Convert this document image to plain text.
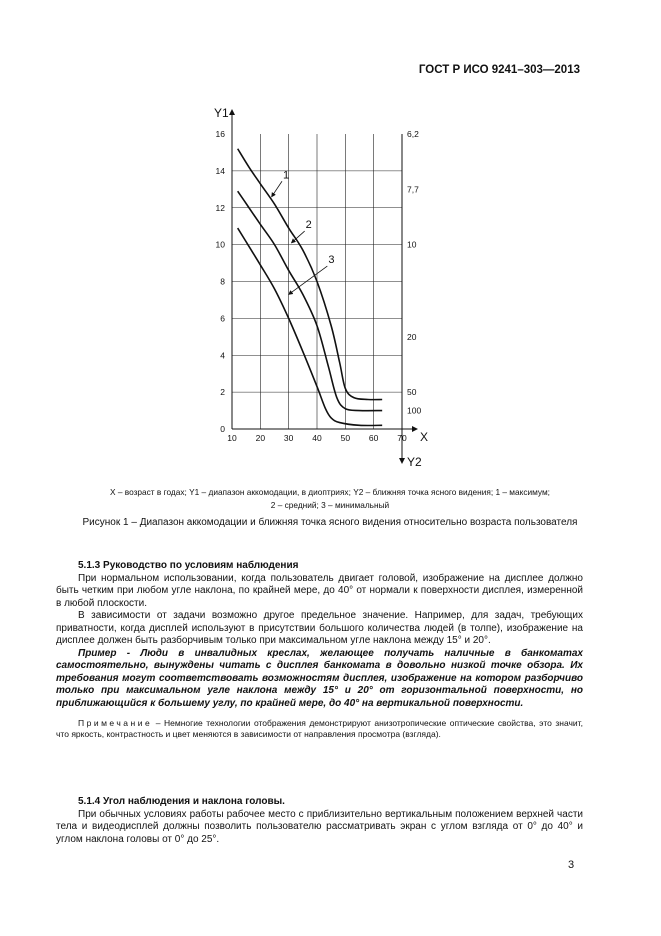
ГОСТ Р ИСО 9241–303—2013
0
2
4
6
8
10
12
14
16
10 20 30 40 50 60 70
6,2
7,7
10
20
50
100
Y1
X
Y2
1
2
3
X – возраст в годах; Y1 – диапазон аккомодации, в диоптриях; Y2 – ближняя точка ясного видения; 1 – максимум;
2 – средний; 3 – минимальный
Рисунок 1 – Диапазон аккомодации и ближняя точка ясного видения относительно возраста пользователя

5.1.3 Руководство по условиям наблюдения

При нормальном использовании, когда пользователь двигает головой, изображение на дисплее должно быть четким при любом угле наклона, по крайней мере, до 40° от нормали к поверхности дисплея, измеренной в любой плоскости.

В зависимости от задачи возможно другое предельное значение. Например, для задач, требующих приватности, когда дисплей используют в присутствии большого количества людей (в толпе), изображение на дисплее должен быть разборчивым только при максимальном угле наклона между 15° и 20°.

Пример - Люди в инвалидных креслах, желающее получать наличные в банкоматах самостоятельно, вынуждены читать с дисплея банкомата в довольно низкой точке обзора. Их требования могут соответствовать возможностям дисплея, изображение на котором разборчиво только при максимальном угле наклона между 15° и 20° от горизонтальной поверхности, но приближающийся к большему углу, по крайней мере, до 40° на вертикальной поверхности.

Примечание – Немногие технологии отображения демонстрируют анизотропические оптические свойства, это значит, что яркость, контрастность и цвет меняются в зависимости от направления просмотра (взгляда).

5.1.4 Угол наблюдения и наклона головы.

При обычных условиях работы рабочее место с приблизительно вертикальным положением верхней части тела и видеодисплей должны позволить пользователю рассматривать экран с углом взгляда от 0° до 40° и углом наклона головы от 0° до 25°.

3
